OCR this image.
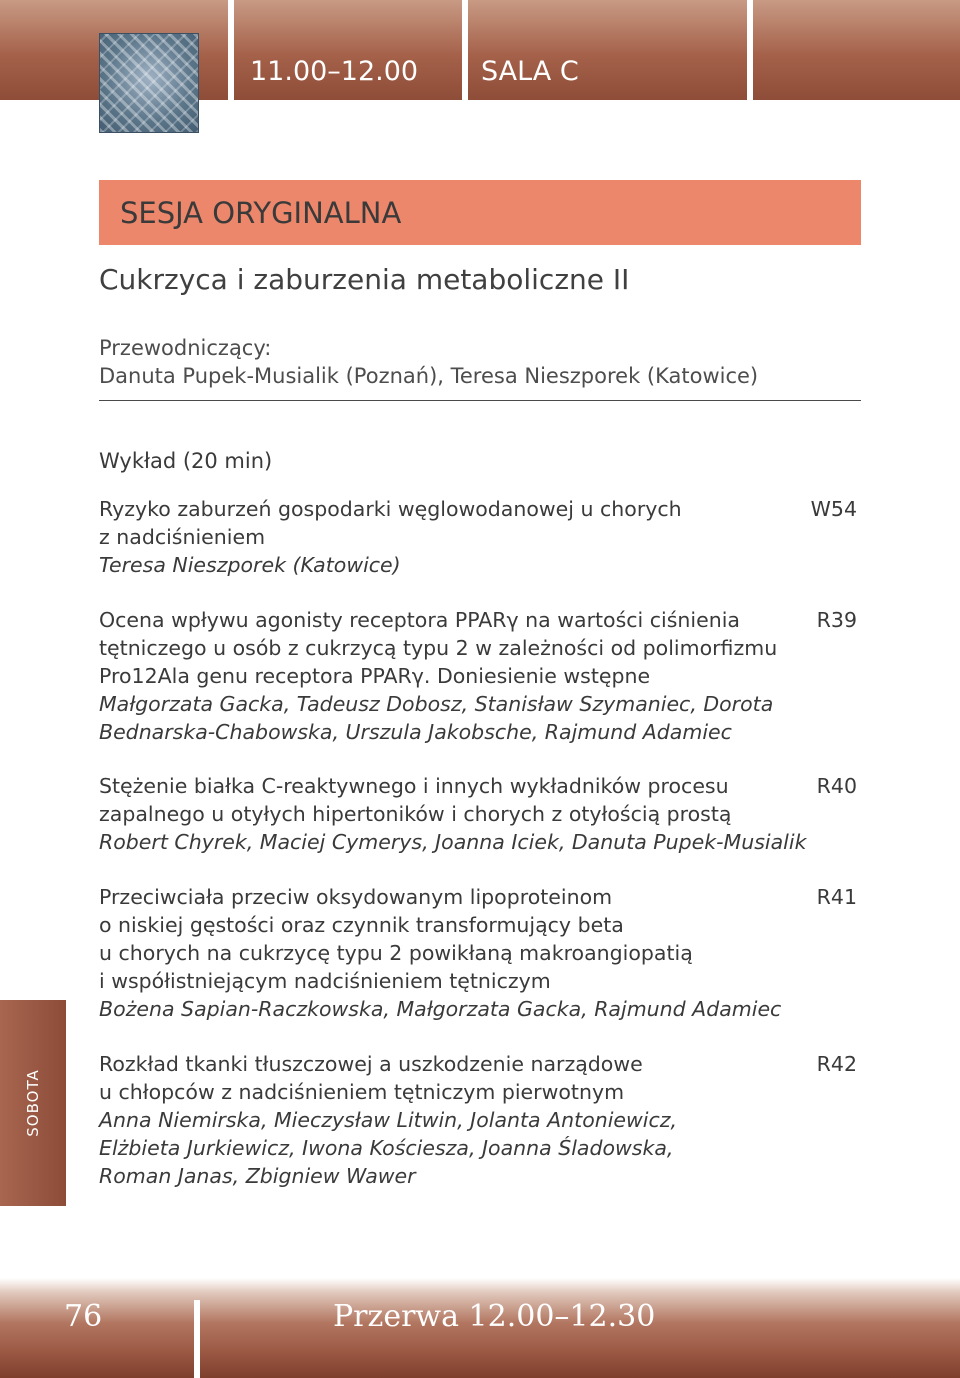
11.00–12.00 SALA C
SESJA ORYGINALNA
Cukrzyca i zaburzenia metaboliczne II
Przewodniczący:
Danuta Pupek-Musialik (Poznań), Teresa Nieszporek (Katowice)
Wykład (20 min)
Ryzyko zaburzeń gospodarki węglowodanowej u chorych
z nadciśnieniem
Teresa Nieszporek (Katowice)
W54
Ocena wpływu agonisty receptora PPARγ na wartości ciśnienia
tętniczego u osób z cukrzycą typu 2 w zależności od polimorfizmu
Pro12Ala genu receptora PPARγ. Doniesienie wstępne
Małgorzata Gacka, Tadeusz Dobosz, Stanisław Szymaniec, Dorota
Bednarska-Chabowska, Urszula Jakobsche, Rajmund Adamiec
R39
Stężenie białka C-reaktywnego i innych wykładników procesu
zapalnego u otyłych hipertoników i chorych z otyłością prostą
Robert Chyrek, Maciej Cymerys, Joanna Iciek, Danuta Pupek-Musialik
R40
Przeciwciała przeciw oksydowanym lipoproteinom
o niskiej gęstości oraz czynnik transformujący beta
u chorych na cukrzycę typu 2 powikłaną makroangiopatią
i współistniejącym nadciśnieniem tętniczym
Bożena Sapian-Raczkowska, Małgorzata Gacka, Rajmund Adamiec
R41
Rozkład tkanki tłuszczowej a uszkodzenie narządowe
u chłopców z nadciśnieniem tętniczym pierwotnym
Anna Niemirska, Mieczysław Litwin, Jolanta Antoniewicz,
Elżbieta Jurkiewicz, Iwona Kościesza, Joanna Śladowska,
Roman Janas, Zbigniew Wawer
R42
SOBOTA
76	Przerwa 12.00–12.30
